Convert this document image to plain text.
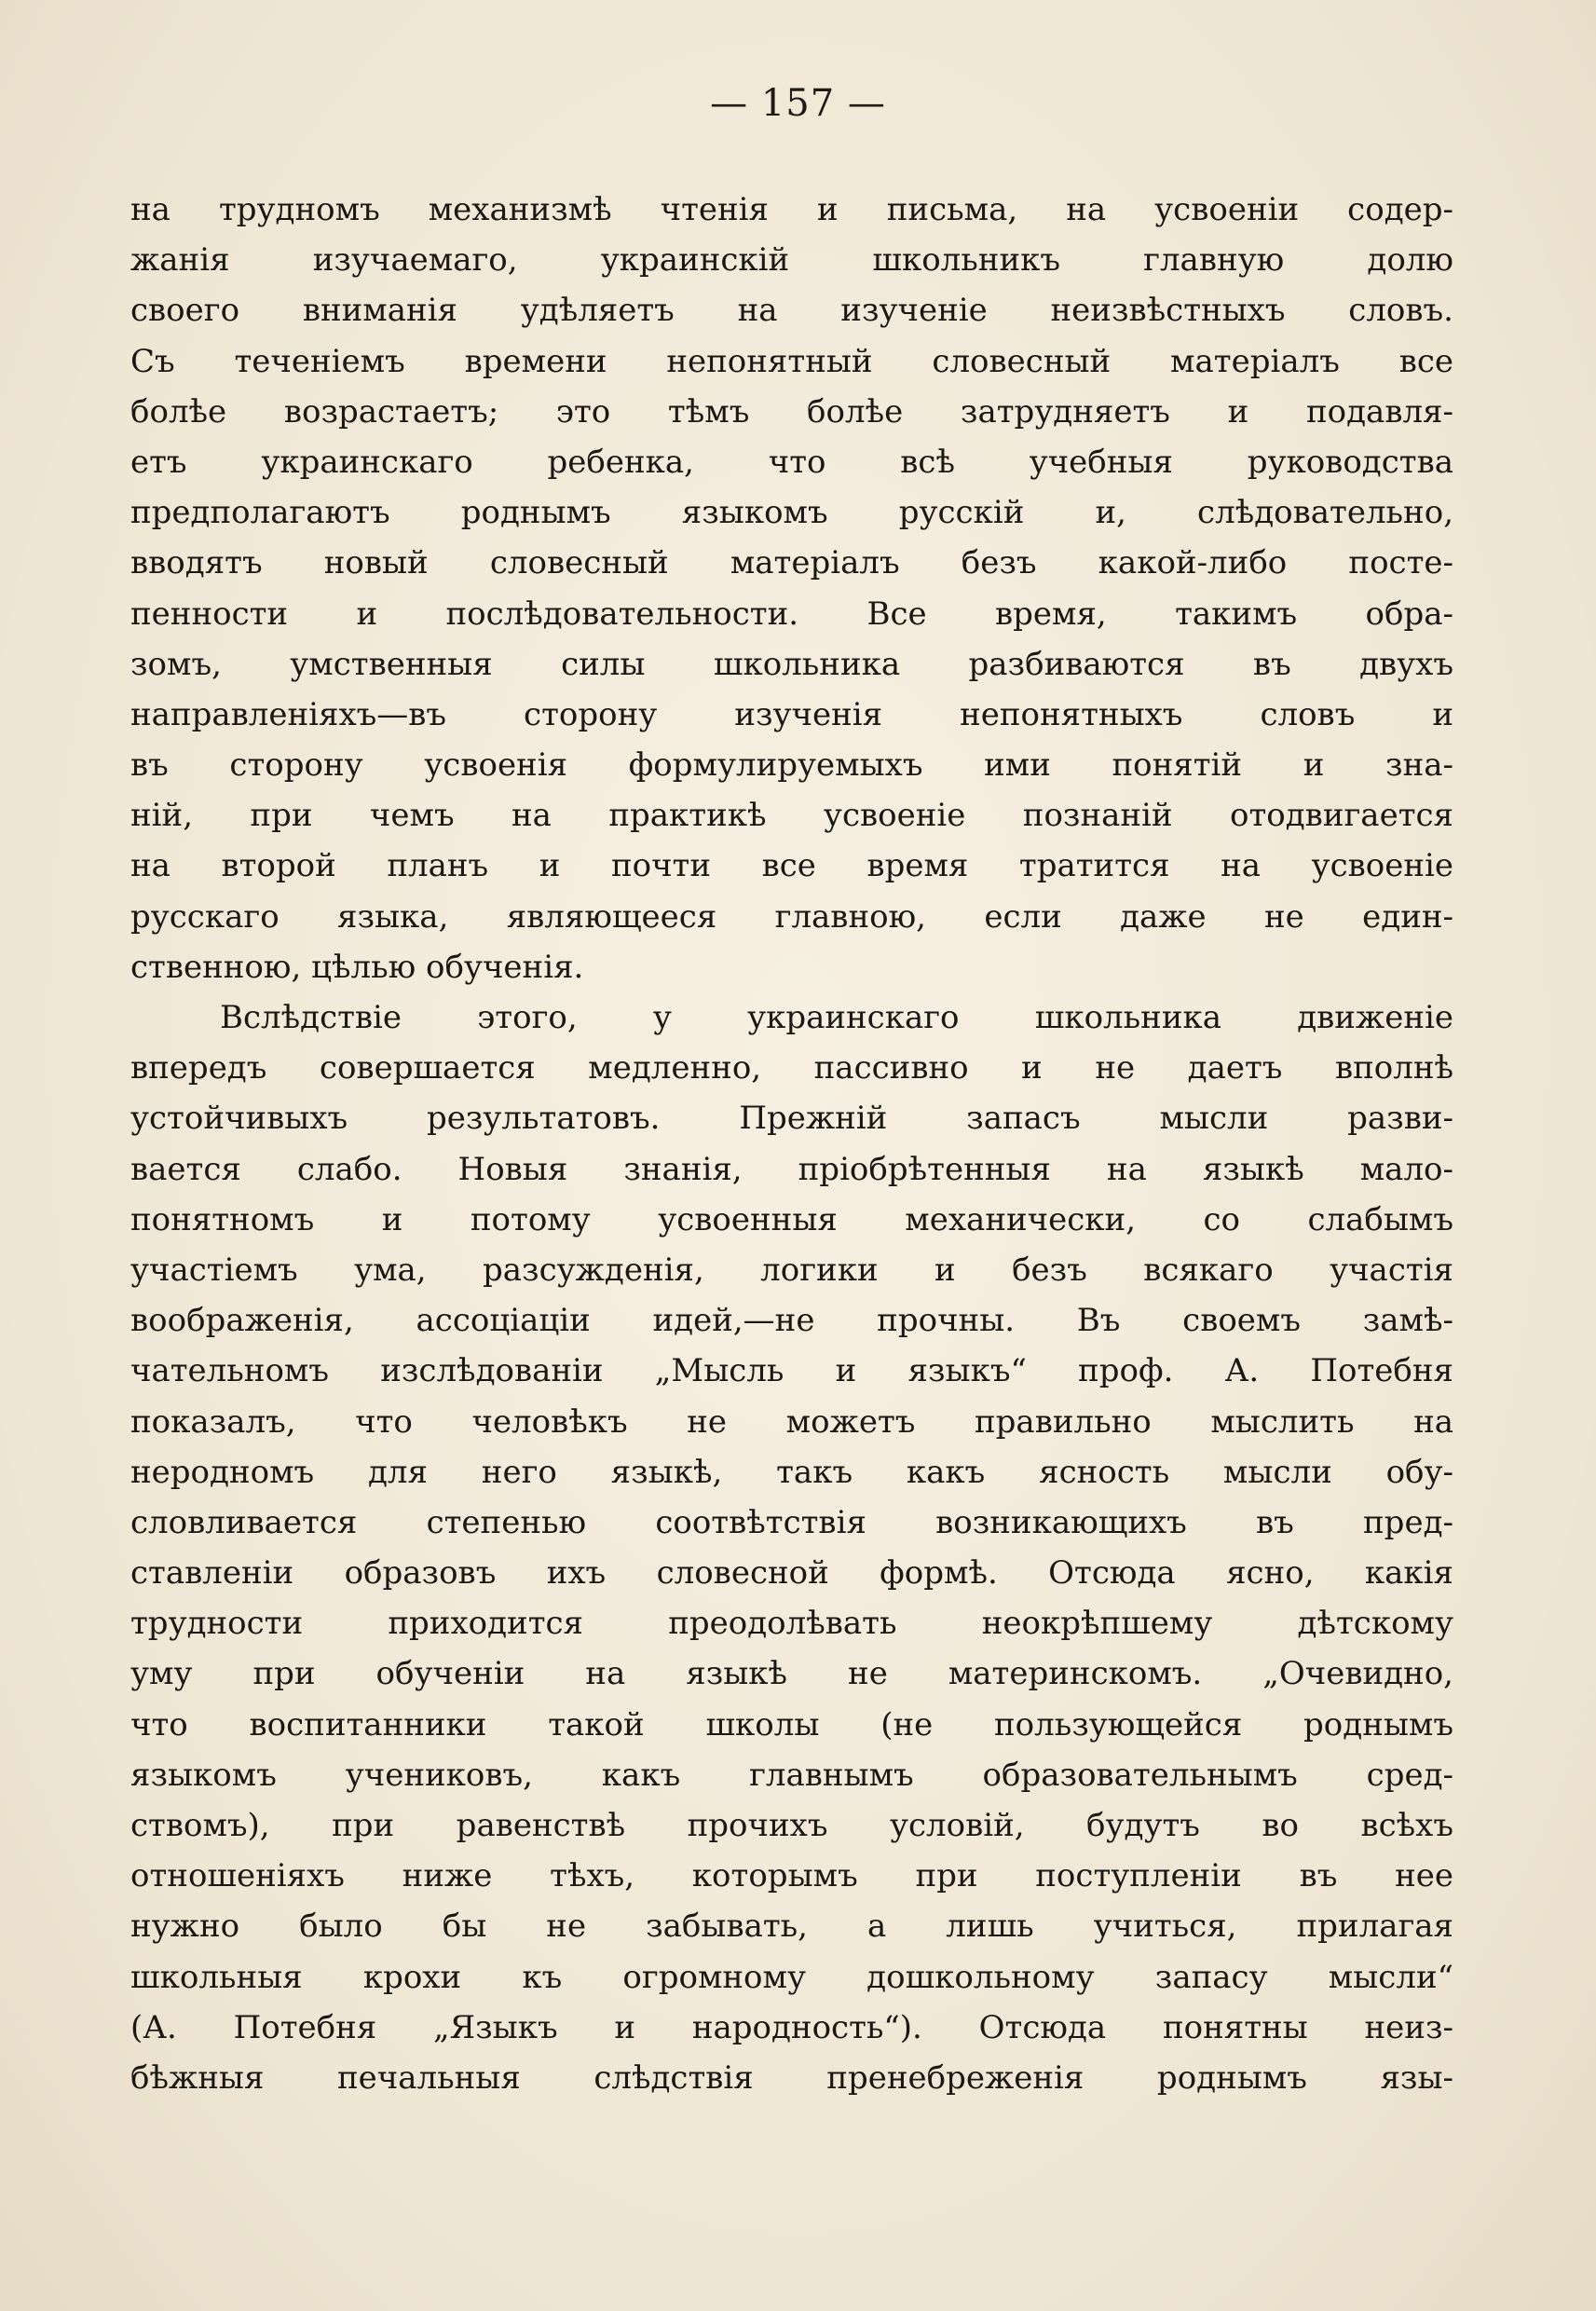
— 157 —
на трудномъ механизмѣ чтенія и письма, на усвоеніи содер-
жанія изучаемаго, украинскій школьникъ главную долю
своего вниманія удѣляетъ на изученіе неизвѣстныхъ словъ.
Съ теченіемъ времени непонятный словесный матеріалъ все
болѣе возрастаетъ; это тѣмъ болѣе затрудняетъ и подавля-
етъ украинскаго ребенка, что всѣ учебныя руководства
предполагаютъ роднымъ языкомъ русскій и, слѣдовательно,
вводятъ новый словесный матеріалъ безъ какой-либо посте-
пенности и послѣдовательности. Все время, такимъ обра-
зомъ, умственныя силы школьника разбиваются въ двухъ
направленіяхъ—въ сторону изученія непонятныхъ словъ и
въ сторону усвоенія формулируемыхъ ими понятій и зна-
ній, при чемъ на практикѣ усвоеніе познаній отодвигается
на второй планъ и почти все время тратится на усвоеніе
русскаго языка, являющееся главною, если даже не един-
ственною, цѣлью обученія.
Вслѣдствіе этого, у украинскаго школьника движеніе
впередъ совершается медленно, пассивно и не даетъ вполнѣ
устойчивыхъ результатовъ. Прежній запасъ мысли разви-
вается слабо. Новыя знанія, пріобрѣтенныя на языкѣ мало-
понятномъ и потому усвоенныя механически, со слабымъ
участіемъ ума, разсужденія, логики и безъ всякаго участія
воображенія, ассоціаціи идей,—не прочны. Въ своемъ замѣ-
чательномъ изслѣдованіи „Мысль и языкъ“ проф. А. Потебня
показалъ, что человѣкъ не можетъ правильно мыслить на
неродномъ для него языкѣ, такъ какъ ясность мысли обу-
словливается степенью соотвѣтствія возникающихъ въ пред-
ставленіи образовъ ихъ словесной формѣ. Отсюда ясно, какія
трудности приходится преодолѣвать неокрѣпшему дѣтскому
уму при обученіи на языкѣ не материнскомъ. „Очевидно,
что воспитанники такой школы (не пользующейся роднымъ
языкомъ учениковъ, какъ главнымъ образовательнымъ сред-
ствомъ), при равенствѣ прочихъ условій, будутъ во всѣхъ
отношеніяхъ ниже тѣхъ, которымъ при поступленіи въ нее
нужно было бы не забывать, а лишь учиться, прилагая
школьныя крохи къ огромному дошкольному запасу мысли“
(А. Потебня „Языкъ и народность“). Отсюда понятны неиз-
бѣжныя печальныя слѣдствія пренебреженія роднымъ язы-
